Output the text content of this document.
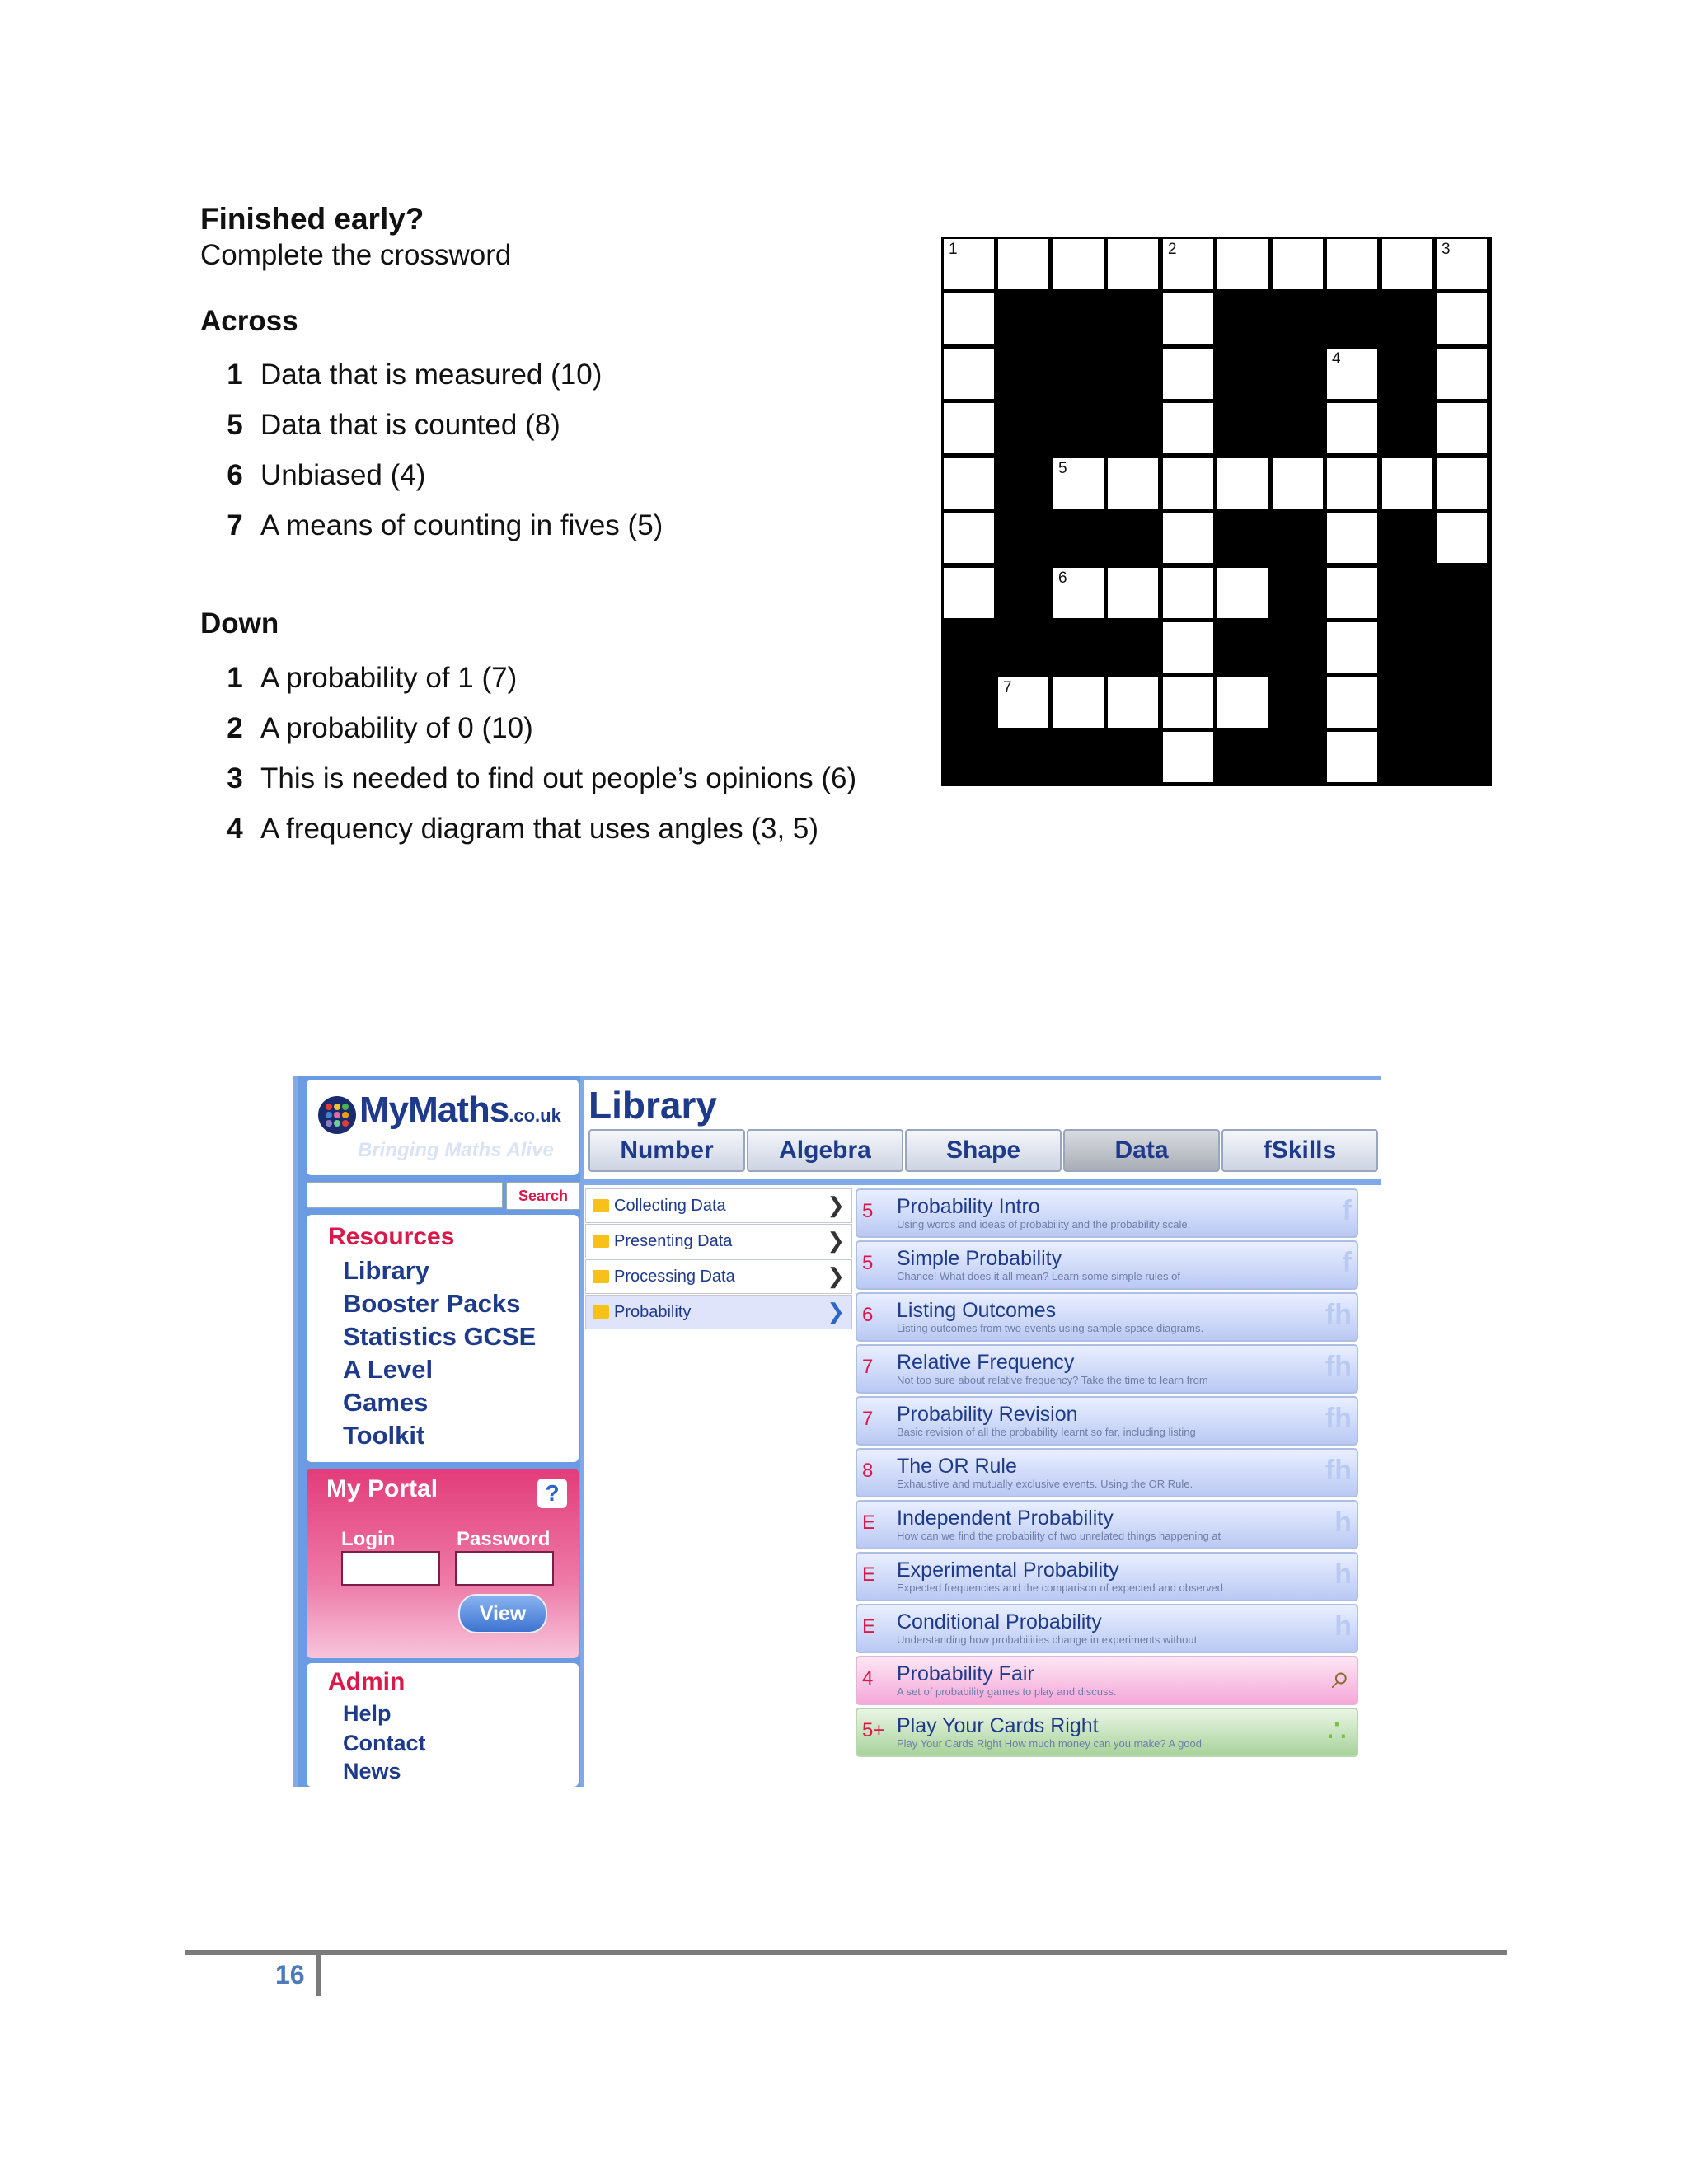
Finished early?
Complete the crossword
Across
1 Data that is measured (10)
5 Data that is counted (8)
6 Unbiased (4)
7 A means of counting in fives (5)
Down
1 A probability of 1 (7)
2 A probability of 0 (10)
3 This is needed to find out people’s opinions (6)
4 A frequency diagram that uses angles (3, 5)
1	2	3
4
5
6
7
MyMaths.co.uk
Bringing Maths Alive
Search
Resources
Library
Booster Packs
Statistics GCSE
A Level
Games
Toolkit
My Portal	?
Login	Password
View
Admin
Help
Contact
News
Library
Number	Algebra	Shape	Data	fSkills
Collecting Data	❯
Presenting Data	❯
Processing Data	❯
Probability	❯
5 Probability Intro
Using words and ideas of probability and the probability scale.	f
5 Simple Probability
Chance! What does it all mean? Learn some simple rules of	f
6 Listing Outcomes
Listing outcomes from two events using sample space diagrams.	fh
7 Relative Frequency
Not too sure about relative frequency? Take the time to learn from	fh
7 Probability Revision
Basic revision of all the probability learnt so far, including listing	fh
8 The OR Rule
Exhaustive and mutually exclusive events. Using the OR Rule.	fh
E Independent Probability
How can we find the probability of two unrelated things happening at	h
E Experimental Probability
Expected frequencies and the comparison of expected and observed	h
E Conditional Probability
Understanding how probabilities change in experiments without	h
4 Probability Fair
A set of probability games to play and discuss.	⌕
5+ Play Your Cards Right
Play Your Cards Right How much money can you make? A good	∴
16
